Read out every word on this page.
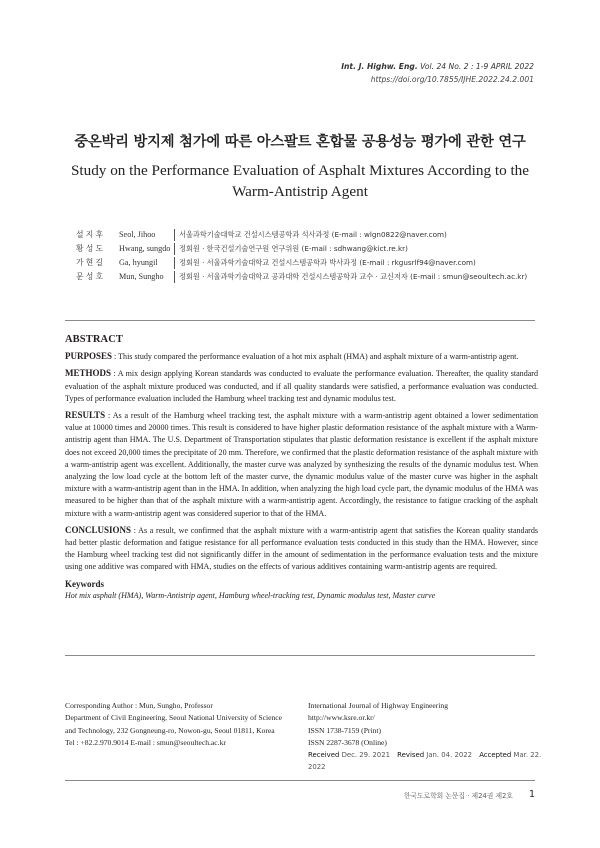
Int. J. Highw. Eng. Vol. 24 No. 2 : 1-9 APRIL 2022
https://doi.org/10.7855/IJHE.2022.24.2.001
중온박리 방지제 첨가에 따른 아스팔트 혼합물 공용성능 평가에 관한 연구
Study on the Performance Evaluation of Asphalt Mixtures According to the Warm-Antistrip Agent
설지후	Seol, Jihoo	서울과학기술대학교 건설시스템공학과 석사과정 (E-mail : wlgn0822@naver.com)
황성도	Hwang, sungdo	정회원 · 한국건설기술연구원 연구위원 (E-mail : sdhwang@kict.re.kr)
가현길	Ga, hyungil	정회원 · 서울과학기술대학교 건설시스템공학과 박사과정 (E-mail : rkgusrlf94@naver.com)
문성호	Mun, Sungho	정회원 · 서울과학기술대학교 공과대학 건설시스템공학과 교수 · 교신저자 (E-mail : smun@seoultech.ac.kr)
ABSTRACT

PURPOSES : This study compared the performance evaluation of a hot mix asphalt (HMA) and asphalt mixture of a warm-antistrip agent.

METHODS : A mix design applying Korean standards was conducted to evaluate the performance evaluation. Thereafter, the quality standard evaluation of the asphalt mixture produced was conducted, and if all quality standards were satisfied, a performance evaluation was conducted. Types of performance evaluation included the Hamburg wheel tracking test and dynamic modulus test.

RESULTS : As a result of the Hamburg wheel tracking test, the asphalt mixture with a warm-antistrip agent obtained a lower sedimentation value at 10000 times and 20000 times. This result is considered to have higher plastic deformation resistance of the asphalt mixture with a Warm-antistrip agent than HMA. The U.S. Department of Transportation stipulates that plastic deformation resistance is excellent if the asphalt mixture does not exceed 20,000 times the precipitate of 20 mm. Therefore, we confirmed that the plastic deformation resistance of the asphalt mixture with a warm-antistrip agent was excellent. Additionally, the master curve was analyzed by synthesizing the results of the dynamic modulus test. When analyzing the low load cycle at the bottom left of the master curve, the dynamic modulus value of the master curve was higher in the asphalt mixture with a warm-antistrip agent than in the HMA. In addition, when analyzing the high load cycle part, the dynamic modulus of the HMA was measured to be higher than that of the asphalt mixture with a warm-antistrip agent. Accordingly, the resistance to fatigue cracking of the asphalt mixture with a warm-antistrip agent was considered superior to that of the HMA.

CONCLUSIONS : As a result, we confirmed that the asphalt mixture with a warm-antistrip agent that satisfies the Korean quality standards had better plastic deformation and fatigue resistance for all performance evaluation tests conducted in this study than the HMA. However, since the Hamburg wheel tracking test did not significantly differ in the amount of sedimentation in the performance evaluation tests and the mixture using one additive was compared with HMA, studies on the effects of various additives containing warm-antistrip agents are required.

Keywords
Hot mix asphalt (HMA), Warm-Antistrip agent, Hamburg wheel-tracking test, Dynamic modulus test, Master curve
Corresponding Author : Mun, Sungho, Professor
Department of Civil Engineering, Seoul National University of Science
and Technology, 232 Gongneung-ro, Nowon-gu, Seoul 01811, Korea
Tel : +82.2.970.9014 E-mail : smun@seoultech.ac.kr
International Journal of Highway Engineering
http://www.ksre.or.kr/
ISSN 1738-7159 (Print)
ISSN 2287-3678 (Online)
Received Dec. 29. 2021 Revised Jan. 04. 2022 Accepted Mar. 22. 2022
한국도로학회 논문집 · 제24권 제2호 1
